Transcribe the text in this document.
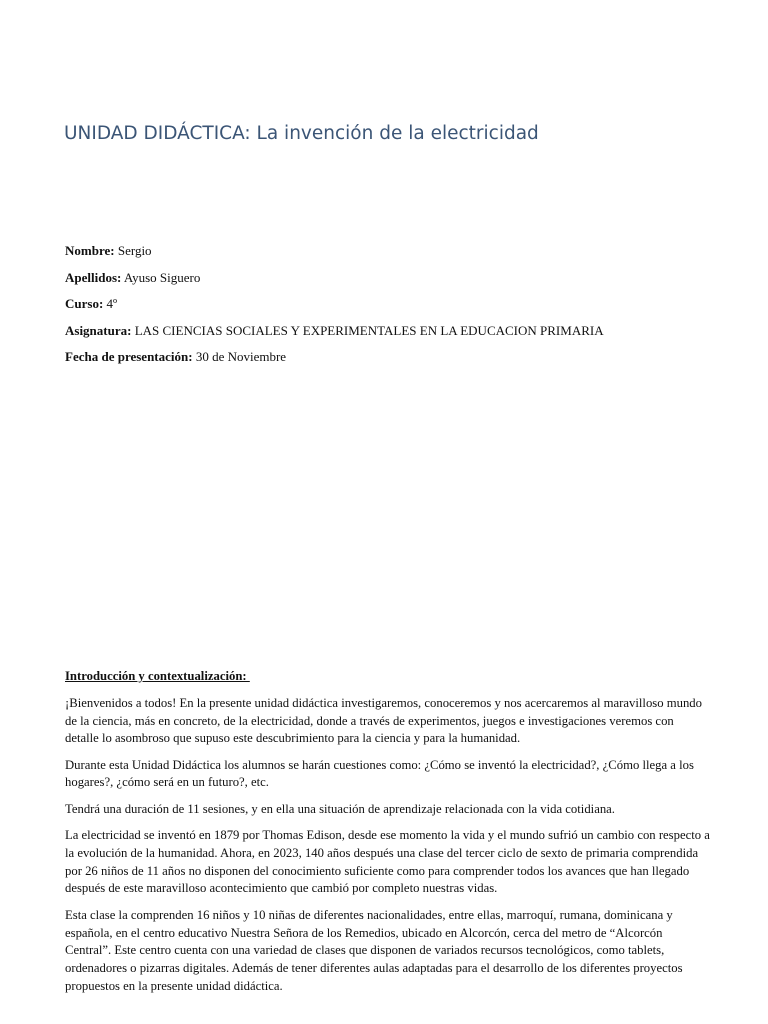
UNIDAD DIDÁCTICA: La invención de la electricidad
Nombre: Sergio
Apellidos: Ayuso Siguero
Curso: 4º
Asignatura: LAS CIENCIAS SOCIALES Y EXPERIMENTALES EN LA EDUCACION PRIMARIA
Fecha de presentación: 30 de Noviembre

Introducción y contextualización:

¡Bienvenidos a todos! En la presente unidad didáctica investigaremos, conoceremos y nos acercaremos al maravilloso mundo de la ciencia, más en concreto, de la electricidad, donde a través de experimentos, juegos e investigaciones veremos con detalle lo asombroso que supuso este descubrimiento para la ciencia y para la humanidad.

Durante esta Unidad Didáctica los alumnos se harán cuestiones como: ¿Cómo se inventó la electricidad?, ¿Cómo llega a los hogares?, ¿cómo será en un futuro?, etc.

Tendrá una duración de 11 sesiones, y en ella una situación de aprendizaje relacionada con la vida cotidiana.

La electricidad se inventó en 1879 por Thomas Edison, desde ese momento la vida y el mundo sufrió un cambio con respecto a la evolución de la humanidad. Ahora, en 2023, 140 años después una clase del tercer ciclo de sexto de primaria comprendida por 26 niños de 11 años no disponen del conocimiento suficiente como para comprender todos los avances que han llegado después de este maravilloso acontecimiento que cambió por completo nuestras vidas.

Esta clase la comprenden 16 niños y 10 niñas de diferentes nacionalidades, entre ellas, marroquí, rumana, dominicana y española, en el centro educativo Nuestra Señora de los Remedios, ubicado en Alcorcón, cerca del metro de “Alcorcón Central”. Este centro cuenta con una variedad de clases que disponen de variados recursos tecnológicos, como tablets, ordenadores o pizarras digitales. Además de tener diferentes aulas adaptadas para el desarrollo de los diferentes proyectos propuestos en la presente unidad didáctica.
